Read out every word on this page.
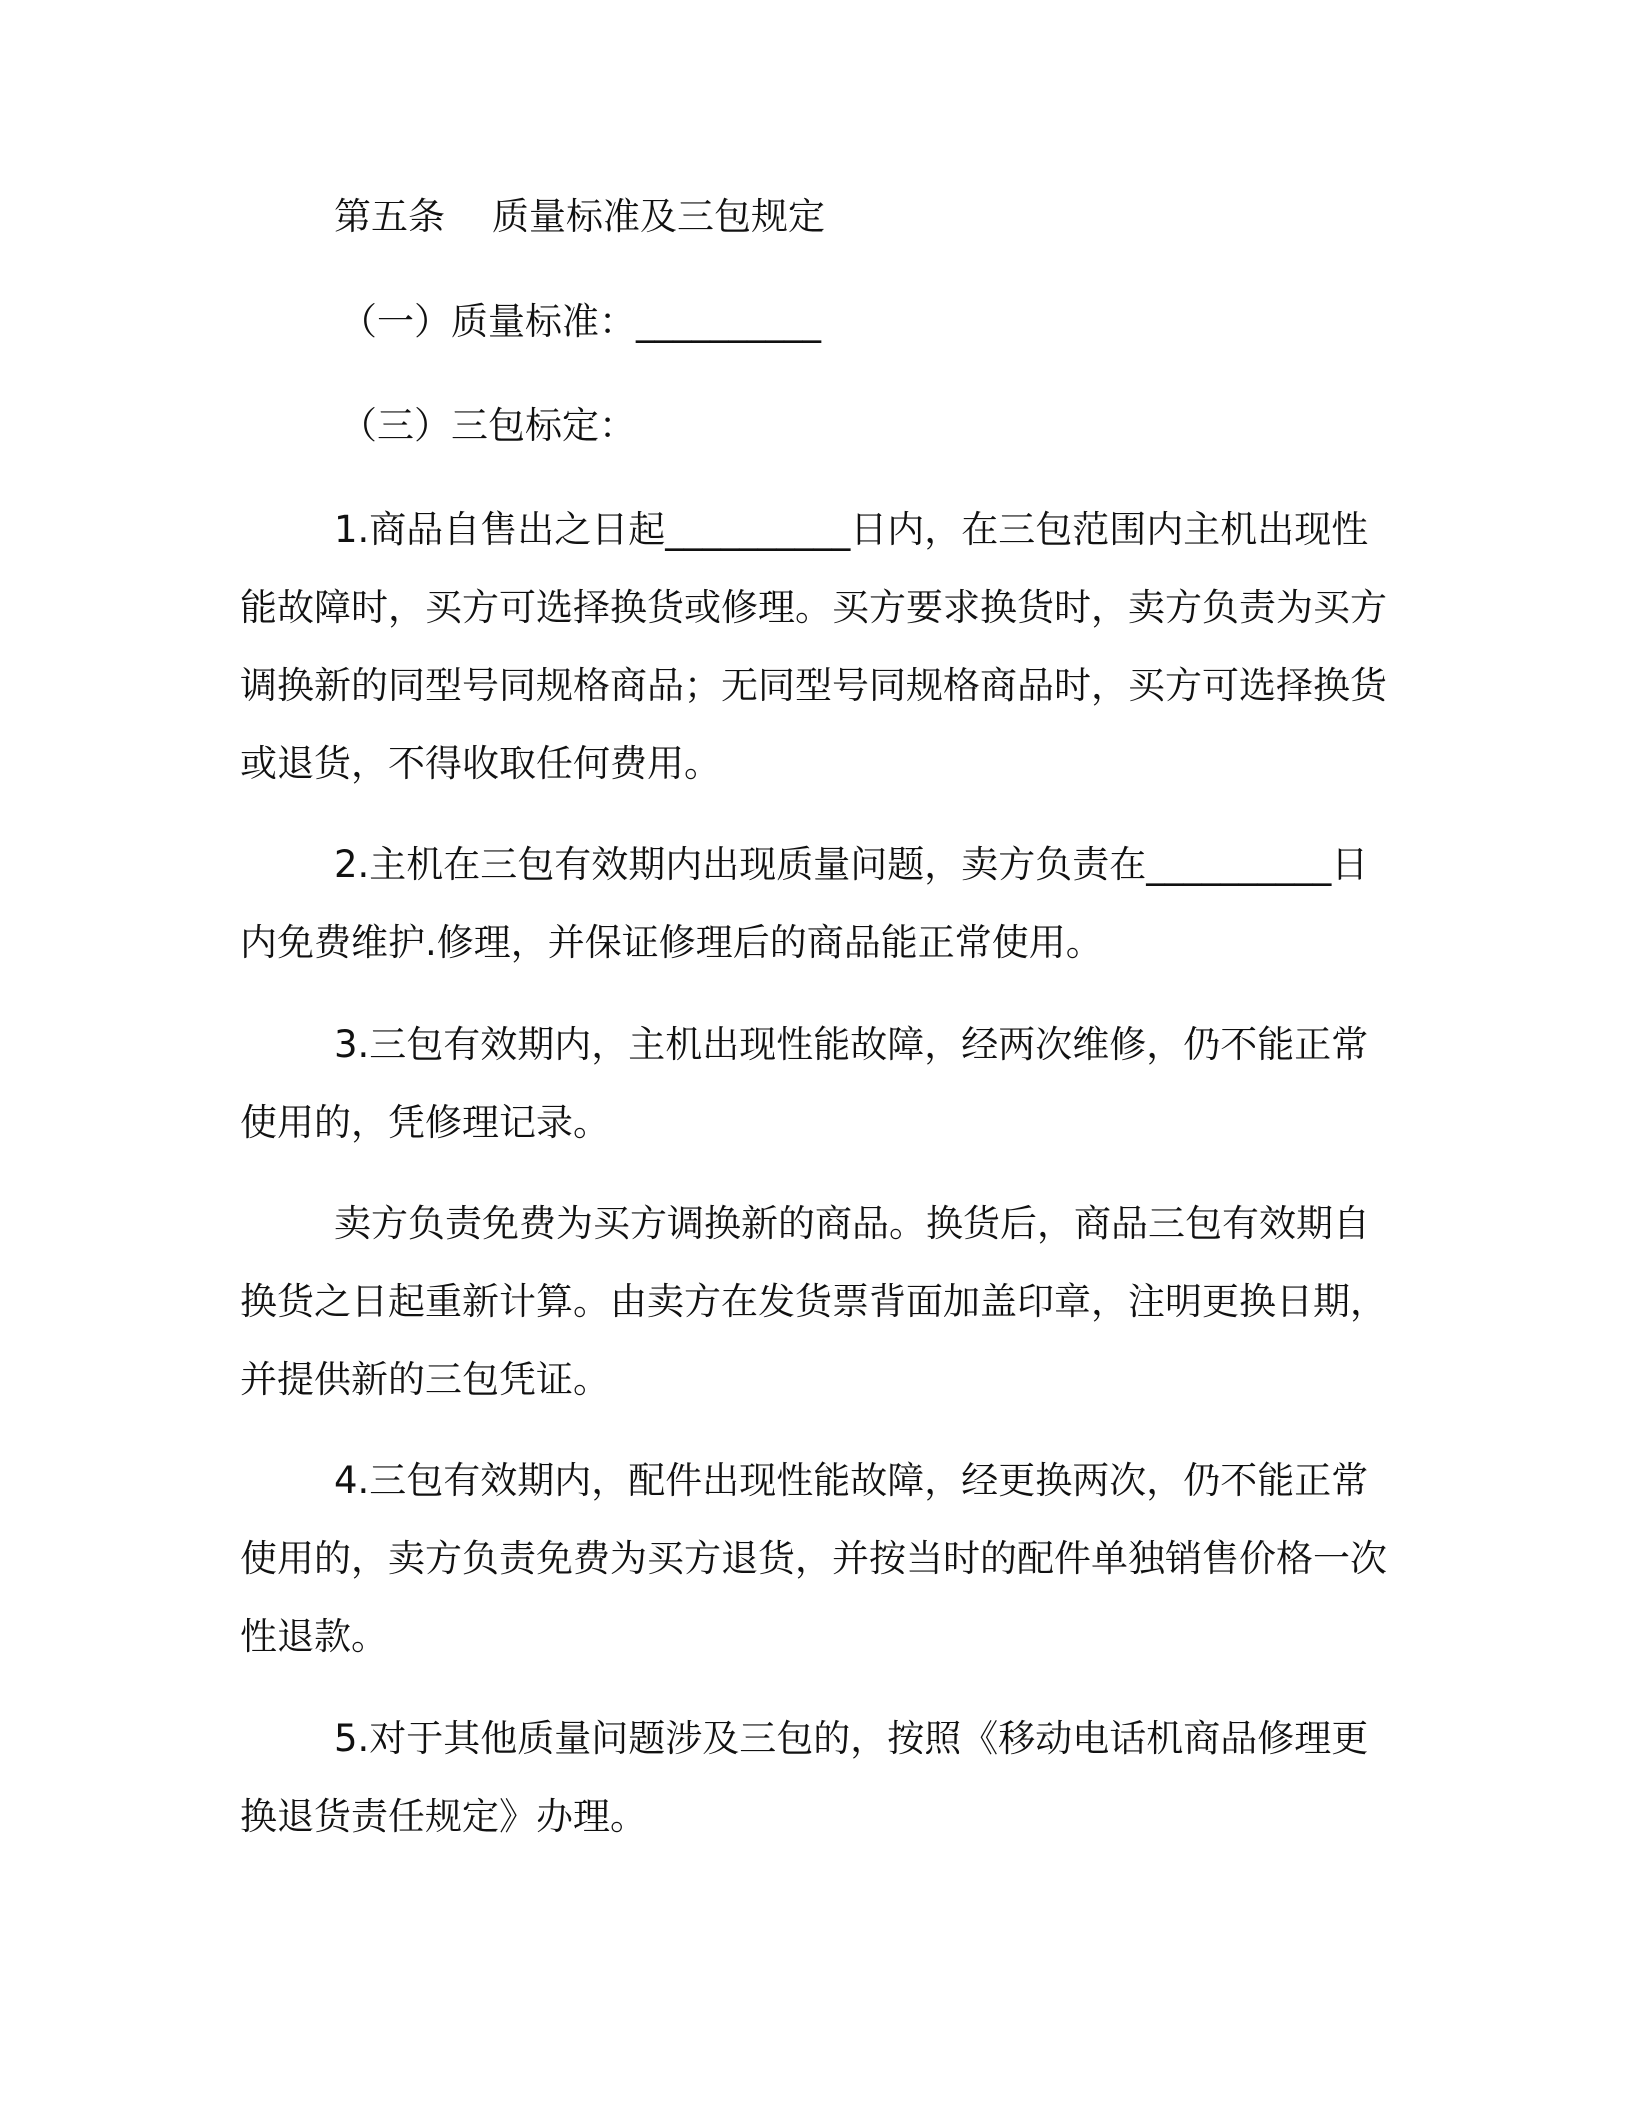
第五条    质量标准及三包规定
（一）质量标准：__________
（三）三包标定：
1.商品自售出之日起__________日内，在三包范围内主机出现性能故障时，买方可选择换货或修理。买方要求换货时，卖方负责为买方调换新的同型号同规格商品；无同型号同规格商品时，买方可选择换货或退货，不得收取任何费用。
2.主机在三包有效期内出现质量问题，卖方负责在__________日内免费维护.修理，并保证修理后的商品能正常使用。
3.三包有效期内，主机出现性能故障，经两次维修，仍不能正常使用的，凭修理记录。
卖方负责免费为买方调换新的商品。换货后，商品三包有效期自换货之日起重新计算。由卖方在发货票背面加盖印章，注明更换日期，并提供新的三包凭证。
4.三包有效期内，配件出现性能故障，经更换两次，仍不能正常使用的，卖方负责免费为买方退货，并按当时的配件单独销售价格一次性退款。
5.对于其他质量问题涉及三包的，按照《移动电话机商品修理更换退货责任规定》办理。
